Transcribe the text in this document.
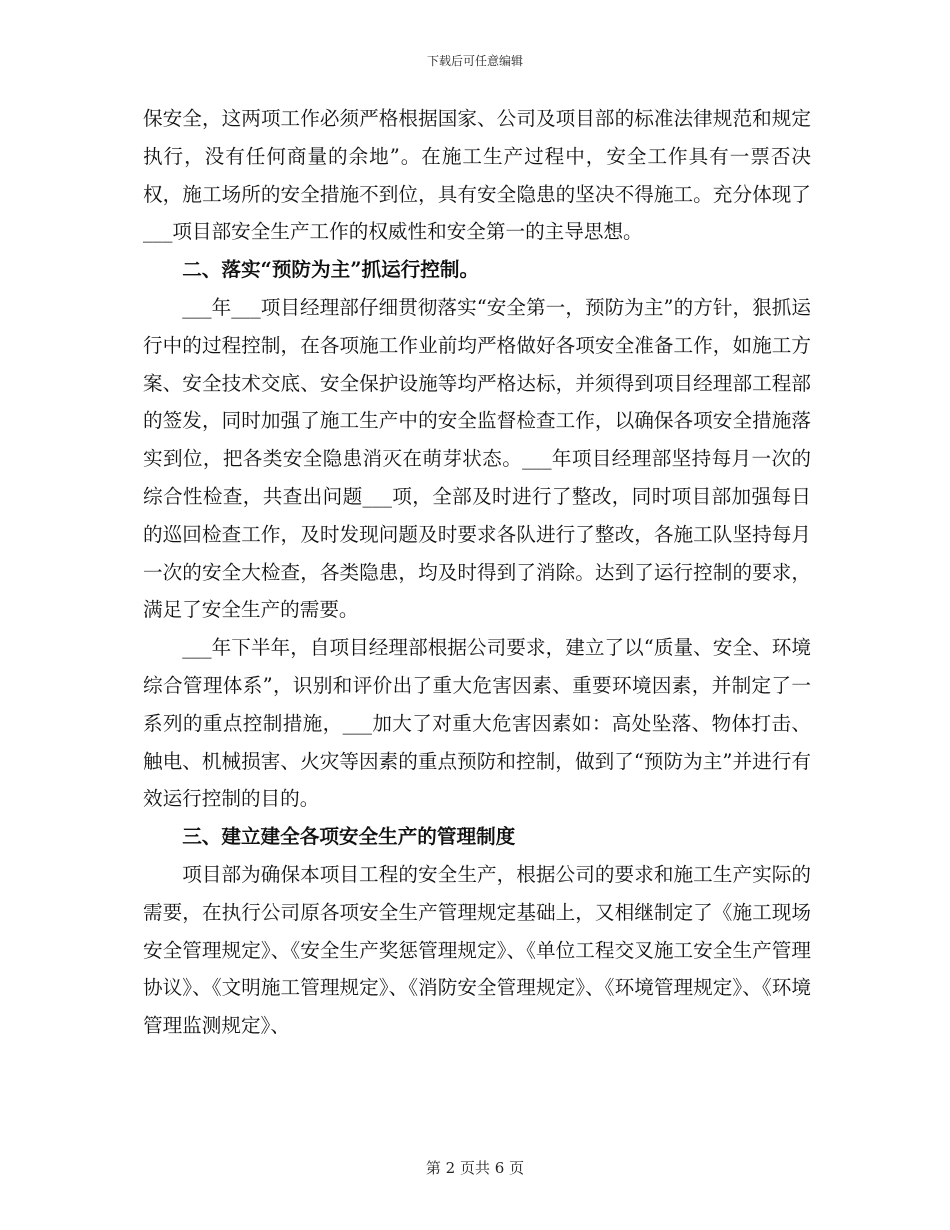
下载后可任意编辑

保安全，这两项工作必须严格根据国家、公司及项目部的标准法律规范和规定执行，没有任何商量的余地”。在施工生产过程中，安全工作具有一票否决权，施工场所的安全措施不到位，具有安全隐患的坚决不得施工。充分体现了___项目部安全生产工作的权威性和安全第一的主导思想。

二、落实“预防为主”抓运行控制。

___年___项目经理部仔细贯彻落实“安全第一，预防为主”的方针，狠抓运行中的过程控制，在各项施工作业前均严格做好各项安全准备工作，如施工方案、安全技术交底、安全保护设施等均严格达标，并须得到项目经理部工程部的签发，同时加强了施工生产中的安全监督检查工作，以确保各项安全措施落实到位，把各类安全隐患消灭在萌芽状态。___年项目经理部坚持每月一次的综合性检查，共查出问题___项，全部及时进行了整改，同时项目部加强每日的巡回检查工作，及时发现问题及时要求各队进行了整改，各施工队坚持每月一次的安全大检查，各类隐患，均及时得到了消除。达到了运行控制的要求，满足了安全生产的需要。

___年下半年，自项目经理部根据公司要求，建立了以“质量、安全、环境综合管理体系”，识别和评价出了重大危害因素、重要环境因素，并制定了一系列的重点控制措施，___加大了对重大危害因素如：高处坠落、物体打击、触电、机械损害、火灾等因素的重点预防和控制，做到了“预防为主”并进行有效运行控制的目的。

三、建立建全各项安全生产的管理制度

项目部为确保本项目工程的安全生产，根据公司的要求和施工生产实际的需要，在执行公司原各项安全生产管理规定基础上，又相继制定了《施工现场安全管理规定》、《安全生产奖惩管理规定》、《单位工程交叉施工安全生产管理协议》、《文明施工管理规定》、《消防安全管理规定》、《环境管理规定》、《环境管理监测规定》、

第 2 页共 6 页
